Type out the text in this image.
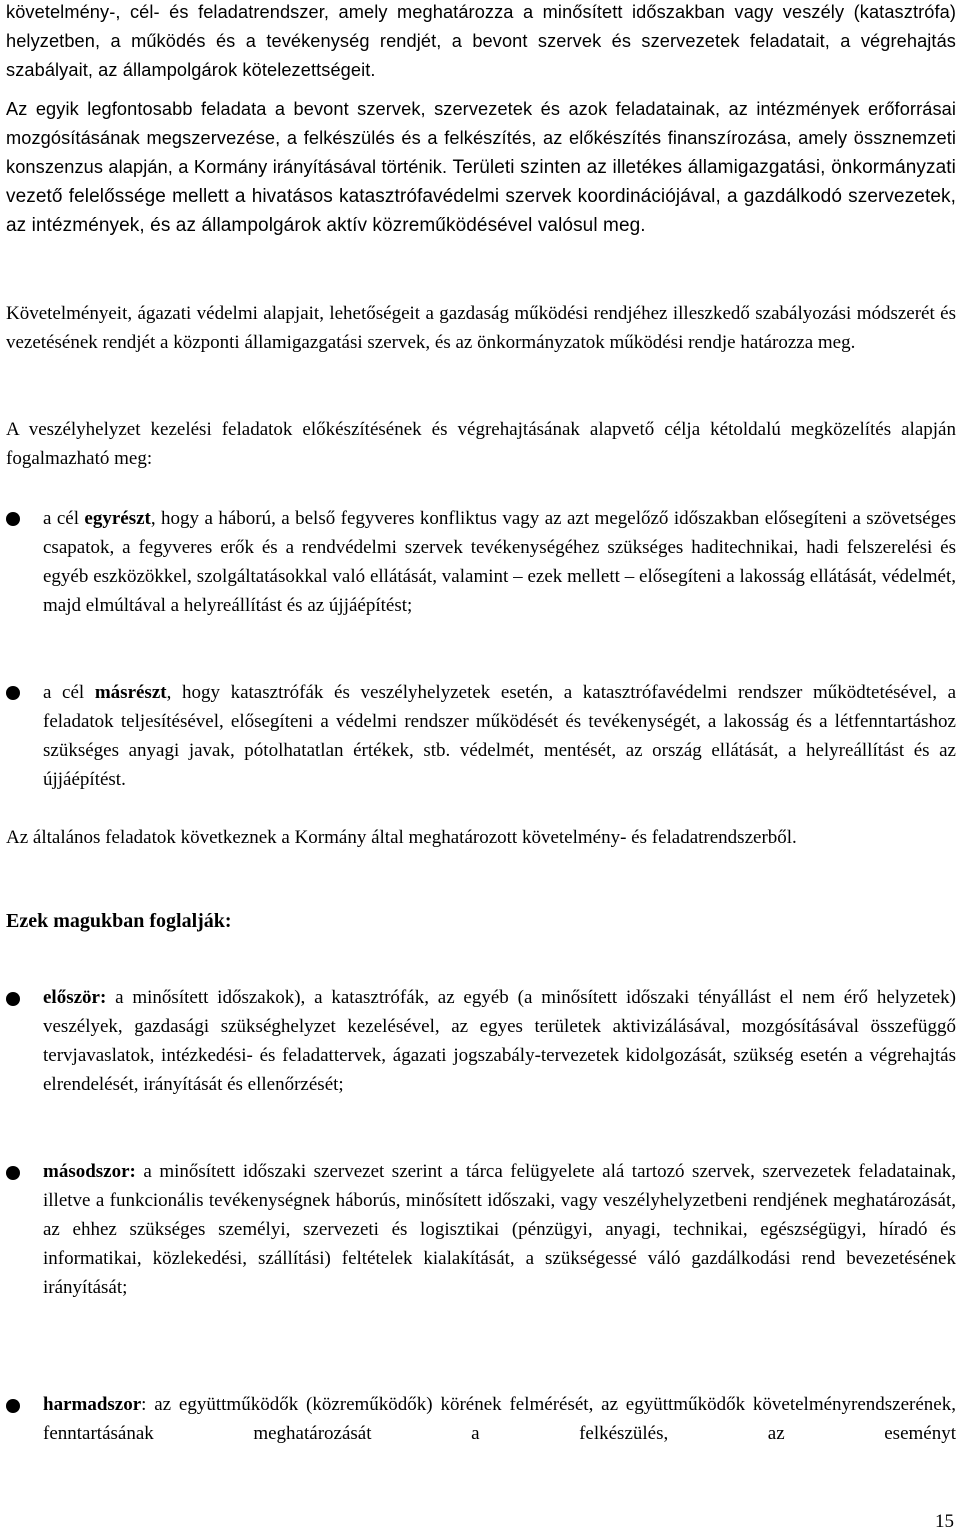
követelmény-, cél- és feladatrendszer, amely meghatározza a minősített időszakban vagy veszély (katasztrófa) helyzetben, a működés és a tevékenység rendjét, a bevont szervek és szervezetek feladatait, a végrehajtás szabályait, az állampolgárok kötelezettségeit.

Az egyik legfontosabb feladata a bevont szervek, szervezetek és azok feladatainak, az intézmények erőforrásai mozgósításának megszervezése, a felkészülés és a felkészítés, az előkészítés finanszírozása, amely össznemzeti konszenzus alapján, a Kormány irányításával történik. Területi szinten az illetékes államigazgatási, önkormányzati vezető felelőssége mellett a hivatásos katasztrófavédelmi szervek koordinációjával, a gazdálkodó szervezetek, az intézmények, és az állampolgárok aktív közreműködésével valósul meg.

Követelményeit, ágazati védelmi alapjait, lehetőségeit a gazdaság működési rendjéhez illeszkedő szabályozási módszerét és vezetésének rendjét a központi államigazgatási szervek, és az önkormányzatok működési rendje határozza meg.

A veszélyhelyzet kezelési feladatok előkészítésének és végrehajtásának alapvető célja kétoldalú megközelítés alapján fogalmazható meg:

a cél egyrészt, hogy a háború, a belső fegyveres konfliktus vagy az azt megelőző időszakban elősegíteni a szövetséges csapatok, a fegyveres erők és a rendvédelmi szervek tevékenységéhez szükséges haditechnikai, hadi felszerelési és egyéb eszközökkel, szolgáltatásokkal való ellátását, valamint – ezek mellett – elősegíteni a lakosság ellátását, védelmét, majd elmúltával a helyreállítást és az újjáépítést;

a cél másrészt, hogy katasztrófák és veszélyhelyzetek esetén, a katasztrófavédelmi rendszer működtetésével, a feladatok teljesítésével, elősegíteni a védelmi rendszer működését és tevékenységét, a lakosság és a létfenntartáshoz szükséges anyagi javak, pótolhatatlan értékek, stb. védelmét, mentését, az ország ellátását, a helyreállítást és az újjáépítést.

Az általános feladatok következnek a Kormány által meghatározott követelmény- és feladatrendszerből.

Ezek magukban foglalják:

először: a minősített időszakok), a katasztrófák, az egyéb (a minősített időszaki tényállást el nem érő helyzetek) veszélyek, gazdasági szükséghelyzet kezelésével, az egyes területek aktivizálásával, mozgósításával összefüggő tervjavaslatok, intézkedési- és feladattervek, ágazati jogszabály-tervezetek kidolgozását, szükség esetén a végrehajtás elrendelését, irányítását és ellenőrzését;

másodszor: a minősített időszaki szervezet szerint a tárca felügyelete alá tartozó szervek, szervezetek feladatainak, illetve a funkcionális tevékenységnek háborús, minősített időszaki, vagy veszélyhelyzetbeni rendjének meghatározását, az ehhez szükséges személyi, szervezeti és logisztikai (pénzügyi, anyagi, technikai, egészségügyi, híradó és informatikai, közlekedési, szállítási) feltételek kialakítását, a szükségessé váló gazdálkodási rend bevezetésének irányítását;

harmadszor: az együttműködők (közreműködők) körének felmérését, az együttműködők követelményrendszerének, fenntartásának meghatározását a felkészülés, az eseményt

15
